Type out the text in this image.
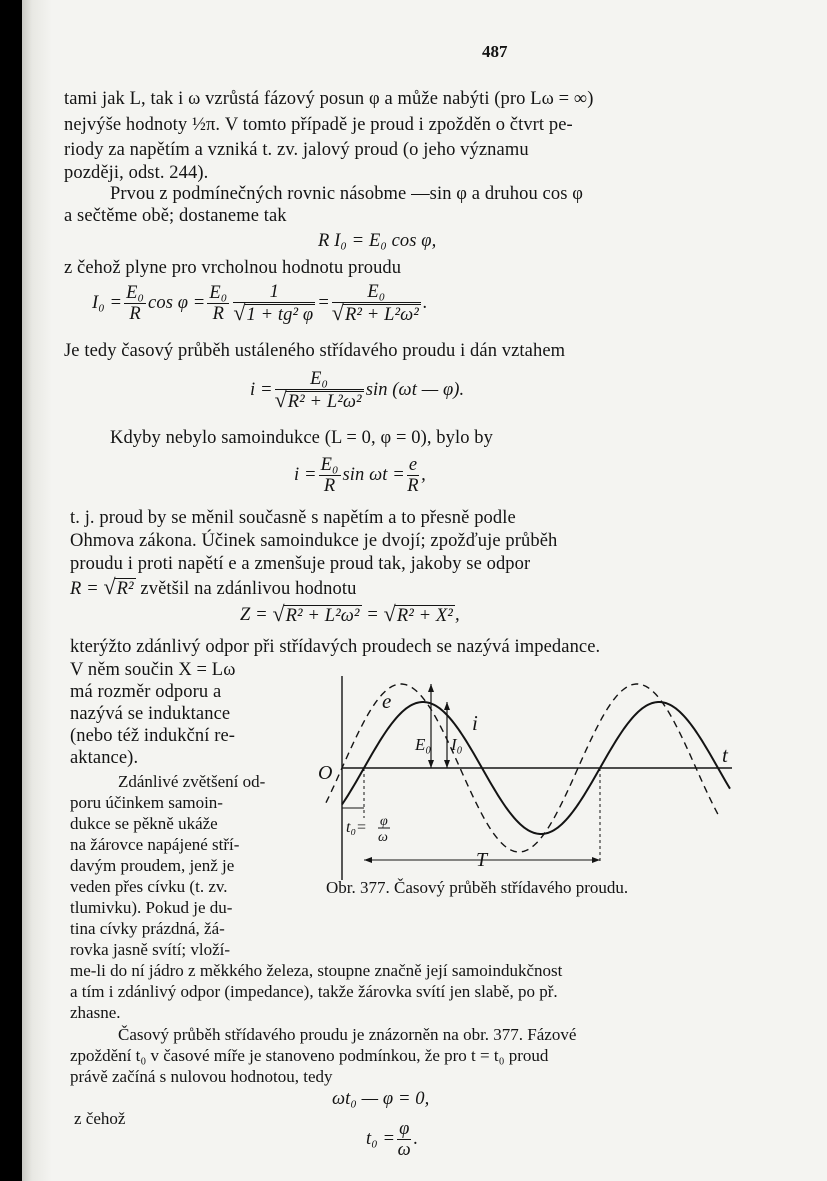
487
tami jak L, tak i ω vzrůstá fázový posun φ a může nabýti (pro Lω = ∞)
nejvýše hodnoty ½π. V tomto případě je proud i zpožděn o čtvrt pe-
riody za napětím a vzniká t. zv. jalový proud (o jeho významu
později, odst. 244).
Prvou z podmínečných rovnic násobme —sin φ a druhou cos φ
a sečtěme obě; dostaneme tak
R I₀ = E₀ cos φ,
z čehož plyne pro vrcholnou hodnotu proudu
$I_0 = \frac{\text{E₀}}{R}$ $\cos \varphi = \frac{\text{E₀}}{R} 1$
√ 1 + tg² φ = E₀
√ R² + L²ω² .
Je tedy časový průběh ustáleného střídavého proudu i dán vztahem
i = E₀
√ R² + L²ω² sin (ωt — φ).
Kdyby nebylo samoindukce (L = 0, φ = 0), bylo by
$i = \frac{\text{E₀}}{R}$ $\sin \omega t = \frac{e}{R}$ ,
t. j. proud by se měnil současně s napětím a to přesně podle
Ohmova zákona. Účinek samoindukce je dvojí; zpožďuje průběh
proudu i proti napětí e a zmenšuje proud tak, jakoby se odpor
R = √ R² zvětšil na zdánlivou hodnotu
Z =
√ R² + L²ω²
=
√ R² + X² ,
kterýžto zdánlivý odpor při střídavých proudech se nazývá impedance.
V něm součin X = Lω
má rozměr odporu a
nazývá se induktance
(nebo též indukční re-
aktance).
Zdánlivé zvětšení od-
poru účinkem samoin-
dukce se pěkně ukáže
na žárovce napájené stří-
davým proudem, jenž je
veden přes cívku (t. zv.
tlumivku). Pokud je du-
tina cívky prázdná, žá-
rovka jasně svítí; vloží-
me-li do ní jádro z měkkého železa, stoupne značně její samoindukčnost
a tím i zdánlivý odpor (impedance), takže žárovka svítí jen slabě, po př.
zhasne.
Časový průběh střídavého proudu je znázorněn na obr. 377. Fázové
zpoždění t₀ v časové míře je stanoveno podmínkou, že pro t = t₀ proud
právě začíná s nulovou hodnotou, tedy
ωt₀ — φ = 0,
z čehož
$t_0 = \frac{\varphi}{\omega}$ .
e
i
E₀ I₀	t
O
t₀= φ
ω
T
Obr. 377. Časový průběh střídavého proudu.
